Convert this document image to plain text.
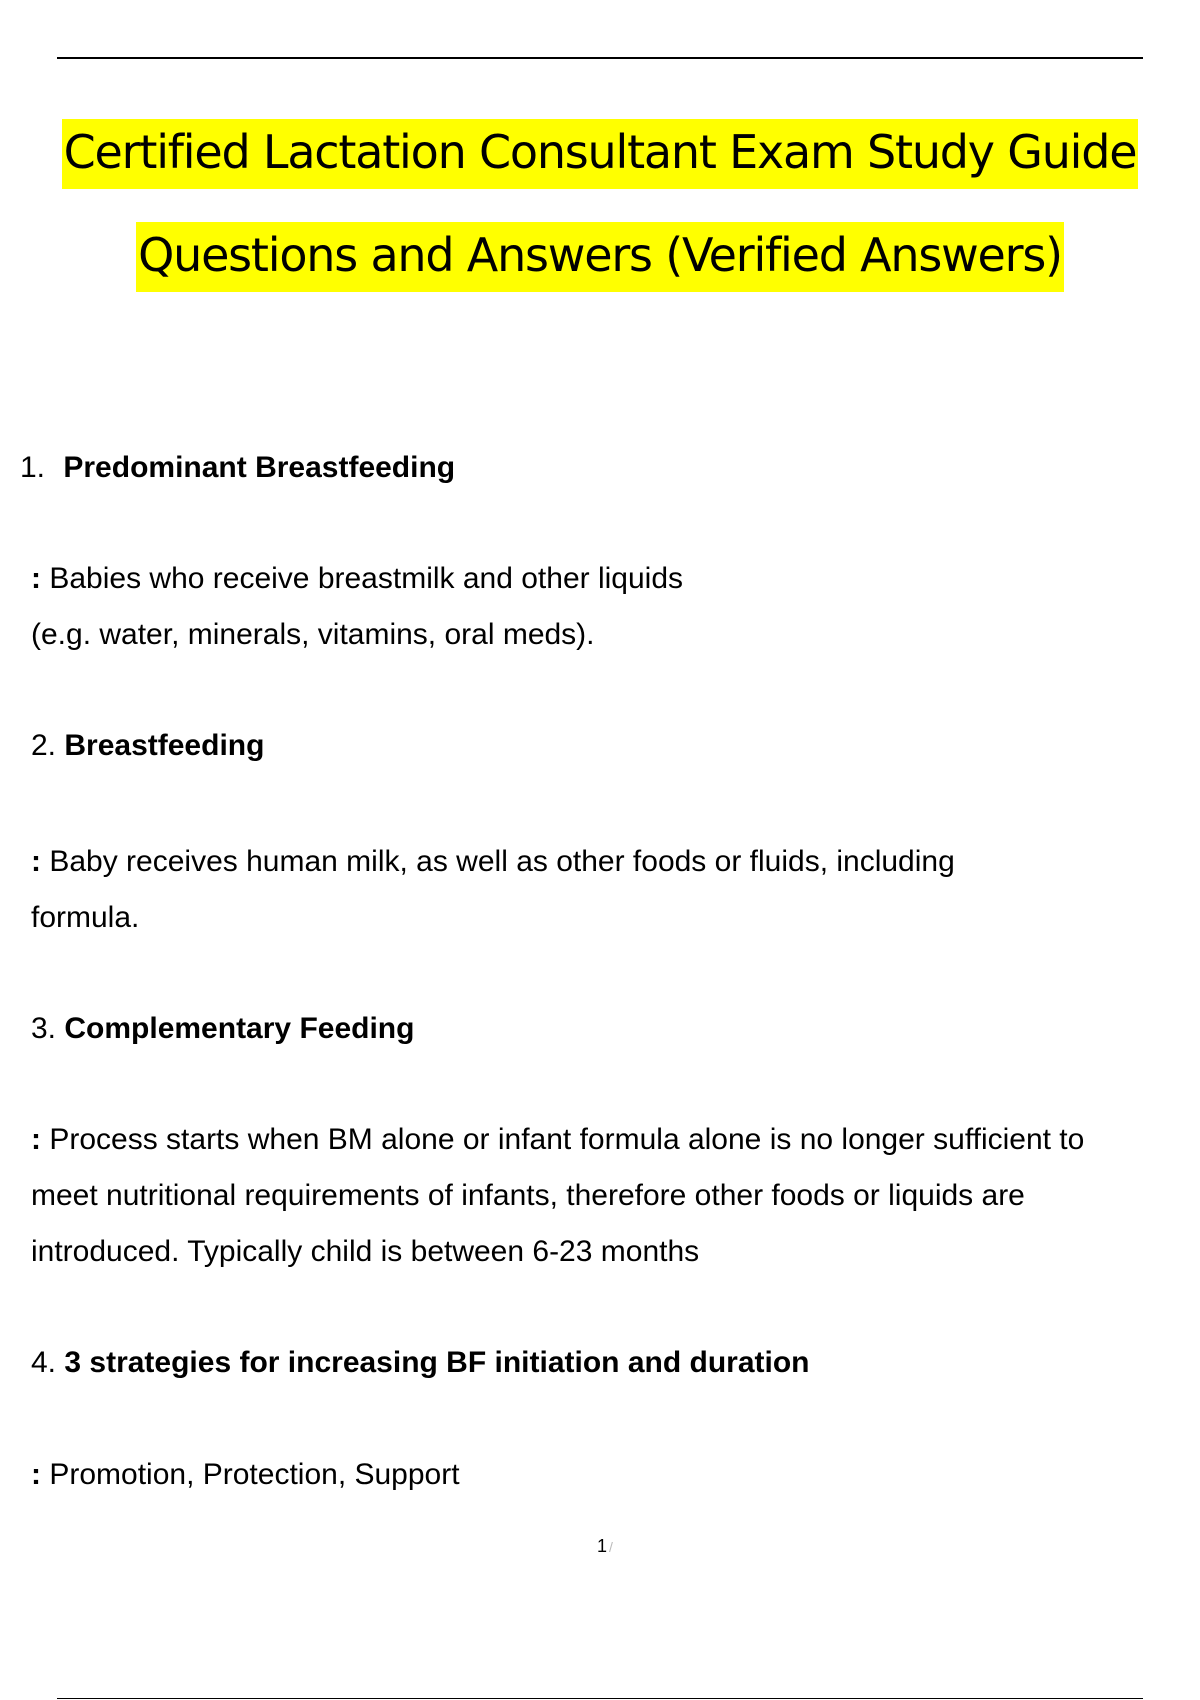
Certified Lactation Consultant Exam Study Guide
Questions and Answers (Verified Answers)
1. Predominant Breastfeeding
: Babies who receive breastmilk and other liquids
(e.g. water, minerals, vitamins, oral meds).
2. Breastfeeding
: Baby receives human milk, as well as other foods or fluids, including
formula.
3. Complementary Feeding
: Process starts when BM alone or infant formula alone is no longer sufficient to
meet nutritional requirements of infants, therefore other foods or liquids are
introduced. Typically child is between 6-23 months
4. 3 strategies for increasing BF initiation and duration
: Promotion, Protection, Support
1 /
